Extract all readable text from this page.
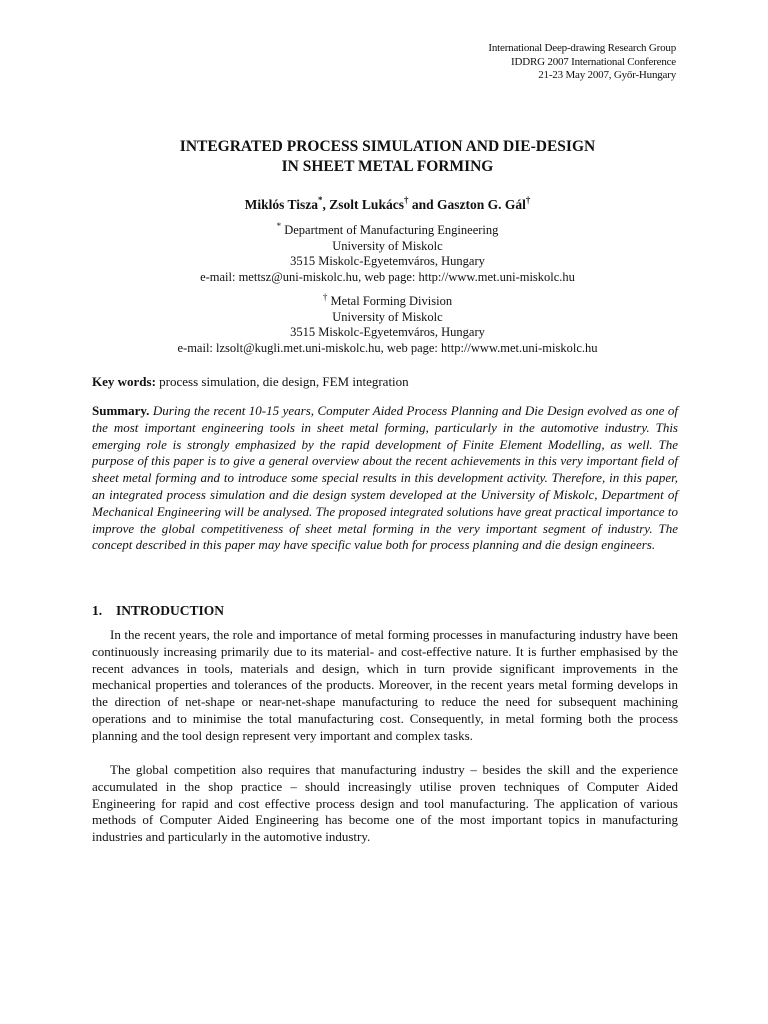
International Deep-drawing Research Group
IDDRG 2007 International Conference
21-23 May 2007, Győr-Hungary
INTEGRATED PROCESS SIMULATION AND DIE-DESIGN
IN SHEET METAL FORMING
Miklós Tisza*, Zsolt Lukács† and Gaszton G. Gál†
* Department of Manufacturing Engineering
University of Miskolc
3515 Miskolc-Egyetemváros, Hungary
e-mail: mettsz@uni-miskolc.hu, web page: http://www.met.uni-miskolc.hu
† Metal Forming Division
University of Miskolc
3515 Miskolc-Egyetemváros, Hungary
e-mail: lzsolt@kugli.met.uni-miskolc.hu, web page: http://www.met.uni-miskolc.hu
Key words: process simulation, die design, FEM integration
Summary. During the recent 10-15 years, Computer Aided Process Planning and Die Design evolved as one of the most important engineering tools in sheet metal forming, particularly in the automotive industry. This emerging role is strongly emphasized by the rapid development of Finite Element Modelling, as well. The purpose of this paper is to give a general overview about the recent achievements in this very important field of sheet metal forming and to introduce some special results in this development activity. Therefore, in this paper, an integrated process simulation and die design system developed at the University of Miskolc, Department of Mechanical Engineering will be analysed. The proposed integrated solutions have great practical importance to improve the global competitiveness of sheet metal forming in the very important segment of industry. The concept described in this paper may have specific value both for process planning and die design engineers.
1. INTRODUCTION
In the recent years, the role and importance of metal forming processes in manufacturing industry have been continuously increasing primarily due to its material- and cost-effective nature. It is further emphasised by the recent advances in tools, materials and design, which in turn provide significant improvements in the mechanical properties and tolerances of the products. Moreover, in the recent years metal forming develops in the direction of net-shape or near-net-shape manufacturing to reduce the need for subsequent machining operations and to minimise the total manufacturing cost. Consequently, in metal forming both the process planning and the tool design represent very important and complex tasks.
The global competition also requires that manufacturing industry – besides the skill and the experience accumulated in the shop practice – should increasingly utilise proven techniques of Computer Aided Engineering for rapid and cost effective process design and tool manufacturing. The application of various methods of Computer Aided Engineering has become one of the most important topics in manufacturing industries and particularly in the automotive industry.
